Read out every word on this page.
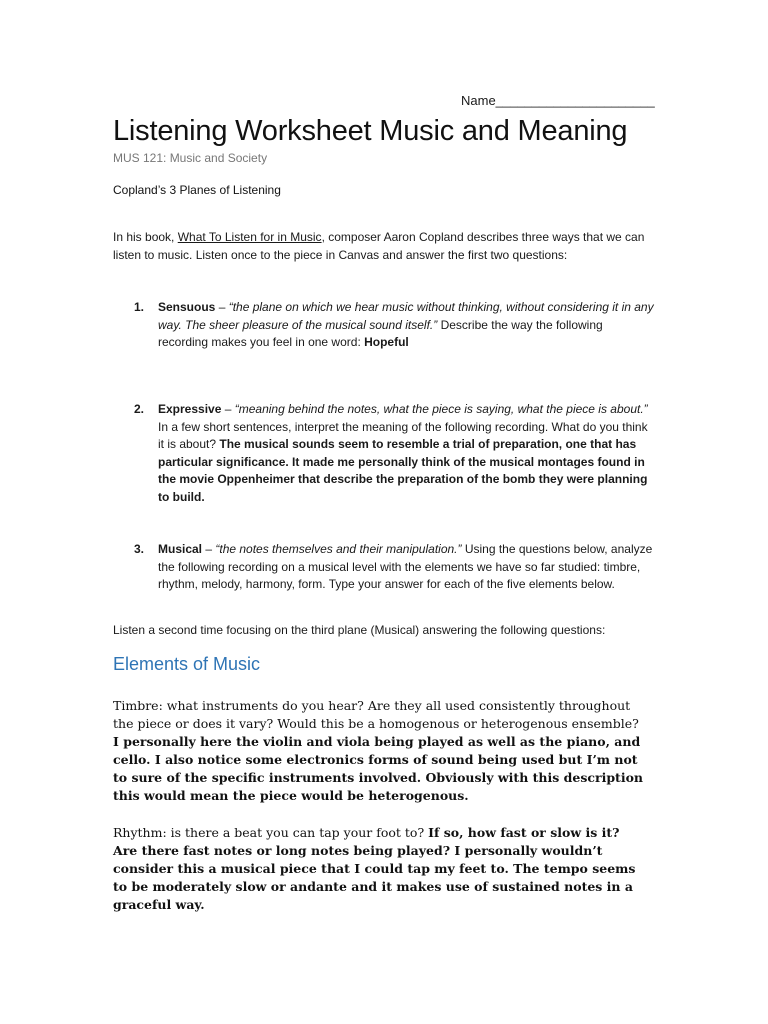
Name______________________
Listening Worksheet Music and Meaning
MUS 121: Music and Society
Copland’s 3 Planes of Listening
In his book, What To Listen for in Music, composer Aaron Copland describes three ways that we can listen to music. Listen once to the piece in Canvas and answer the first two questions:
1.	Sensuous – “the plane on which we hear music without thinking, without considering it in any way. The sheer pleasure of the musical sound itself.” Describe the way the following recording makes you feel in one word: Hopeful
2.	Expressive – “meaning behind the notes, what the piece is saying, what the piece is about.” In a few short sentences, interpret the meaning of the following recording. What do you think it is about? The musical sounds seem to resemble a trial of preparation, one that has particular significance. It made me personally think of the musical montages found in the movie Oppenheimer that describe the preparation of the bomb they were planning to build.
3.	Musical – “the notes themselves and their manipulation.” Using the questions below, analyze the following recording on a musical level with the elements we have so far studied: timbre, rhythm, melody, harmony, form. Type your answer for each of the five elements below.
Listen a second time focusing on the third plane (Musical) answering the following questions:
Elements of Music
Timbre: what instruments do you hear? Are they all used consistently throughout the piece or does it vary? Would this be a homogenous or heterogenous ensemble? I personally here the violin and viola being played as well as the piano, and cello. I also notice some electronics forms of sound being used but I’m not to sure of the specific instruments involved. Obviously with this description this would mean the piece would be heterogenous.
Rhythm: is there a beat you can tap your foot to? If so, how fast or slow is it? Are there fast notes or long notes being played? I personally wouldn’t consider this a musical piece that I could tap my feet to. The tempo seems to be moderately slow or andante and it makes use of sustained notes in a graceful way.
